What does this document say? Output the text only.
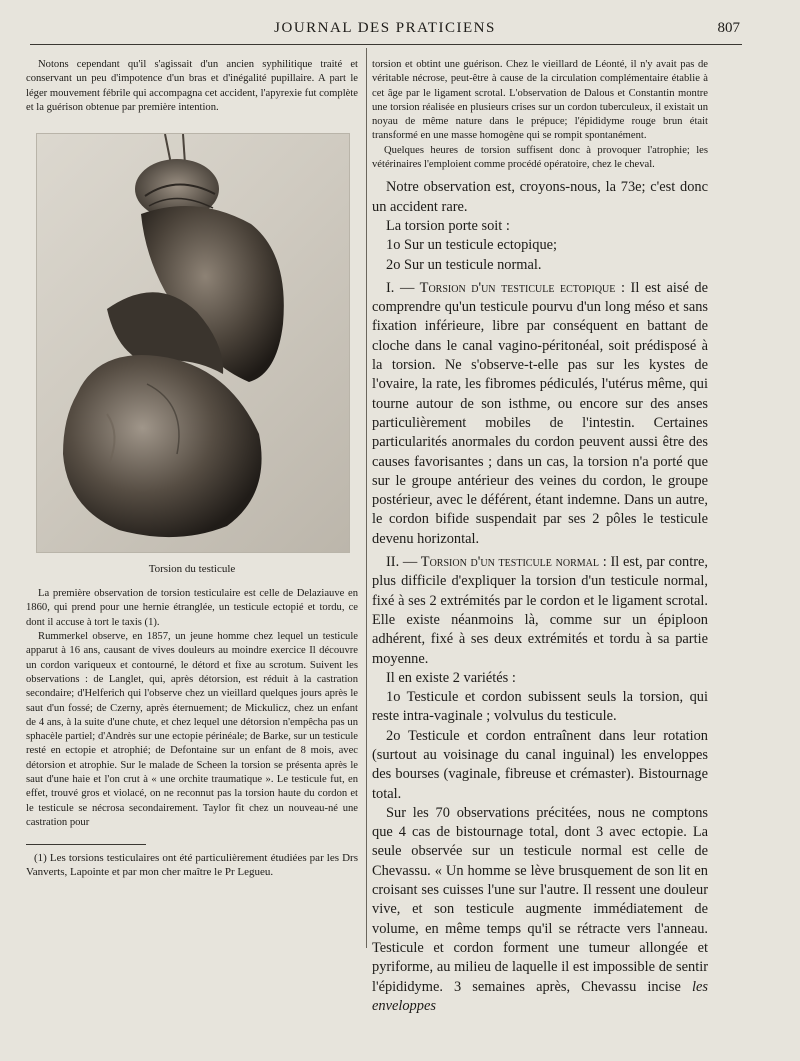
JOURNAL DES PRATICIENS	807

Notons cependant qu'il s'agissait d'un ancien syphilitique traité et conservant un peu d'impotence d'un bras et d'inégalité pupillaire. A part le léger mouvement fébrile qui accompagna cet accident, l'apyrexie fut complète et la guérison obtenue par première intention.

Torsion du testicule

La première observation de torsion testiculaire est celle de Delaziauve en 1860, qui prend pour une hernie étranglée, un testicule ectopié et tordu, ce dont il accuse à tort le taxis (1).

Rummerkel observe, en 1857, un jeune homme chez lequel un testicule apparut à 16 ans, causant de vives douleurs au moindre exercice Il découvre un cordon variqueux et contourné, le détord et fixe au scrotum. Suivent les observations : de Langlet, qui, après détorsion, est réduit à la castration secondaire; d'Helferich qui l'observe chez un vieillard quelques jours après le saut d'un fossé; de Czerny, après éternuement; de Mickulicz, chez un enfant de 4 ans, à la suite d'une chute, et chez lequel une détorsion n'empêcha pas un sphacèle partiel; d'Andrès sur une ectopie périnéale; de Barke, sur un testicule resté en ectopie et atrophié; de Defontaine sur un enfant de 8 mois, avec détorsion et atrophie. Sur le malade de Scheen la torsion se présenta après le saut d'une haie et l'on crut à « une orchite traumatique ». Le testicule fut, en effet, trouvé gros et violacé, on ne reconnut pas la torsion haute du cordon et le testicule se nécrosa secondairement. Taylor fit chez un nouveau-né une castration pour

(1) Les torsions testiculaires ont été particulièrement étudiées par les Drs Vanverts, Lapointe et par mon cher maître le Pr Legueu.

torsion et obtint une guérison. Chez le vieillard de Léonté, il n'y avait pas de véritable nécrose, peut-être à cause de la circulation complémentaire établie à cet âge par le ligament scrotal. L'observation de Dalous et Constantin montre une torsion réalisée en plusieurs crises sur un cordon tuberculeux, il existait un noyau de même nature dans le prépuce; l'épididyme rouge brun était transformé en une masse homogène qui se rompit spontanément.

Quelques heures de torsion suffisent donc à provoquer l'atrophie; les vétérinaires l'emploient comme procédé opératoire, chez le cheval.

Notre observation est, croyons-nous, la 73e; c'est donc un accident rare.

La torsion porte soit :

1o Sur un testicule ectopique;

2o Sur un testicule normal.

I. — Torsion d'un testicule ectopique : Il est aisé de comprendre qu'un testicule pourvu d'un long méso et sans fixation inférieure, libre par conséquent en battant de cloche dans le canal vagino-péritonéal, soit prédisposé à la torsion. Ne s'observe-t-elle pas sur les kystes de l'ovaire, la rate, les fibromes pédiculés, l'utérus même, qui tourne autour de son isthme, ou encore sur des anses particulièrement mobiles de l'intestin. Certaines particularités anormales du cordon peuvent aussi être des causes favorisantes ; dans un cas, la torsion n'a porté que sur le groupe antérieur des veines du cordon, le groupe postérieur, avec le déférent, étant indemne. Dans un autre, le cordon bifide suspendait par ses 2 pôles le testicule devenu horizontal.

II. — Torsion d'un testicule normal : Il est, par contre, plus difficile d'expliquer la torsion d'un testicule normal, fixé à ses 2 extrémités par le cordon et le ligament scrotal. Elle existe néanmoins là, comme sur un épiploon adhérent, fixé à ses deux extrémités et tordu à sa partie moyenne.

Il en existe 2 variétés :

1o Testicule et cordon subissent seuls la torsion, qui reste intra-vaginale ; volvulus du testicule.

2o Testicule et cordon entraînent dans leur rotation (surtout au voisinage du canal inguinal) les enveloppes des bourses (vaginale, fibreuse et crémaster). Bistournage total.

Sur les 70 observations précitées, nous ne comptons que 4 cas de bistournage total, dont 3 avec ectopie. La seule observée sur un testicule normal est celle de Chevassu. « Un homme se lève brusquement de son lit en croisant ses cuisses l'une sur l'autre. Il ressent une douleur vive, et son testicule augmente immédiatement de volume, en même temps qu'il se rétracte vers l'anneau. Testicule et cordon forment une tumeur allongée et pyriforme, au milieu de laquelle il est impossible de sentir l'épididyme. 3 semaines après, Chevassu incise les enveloppes
